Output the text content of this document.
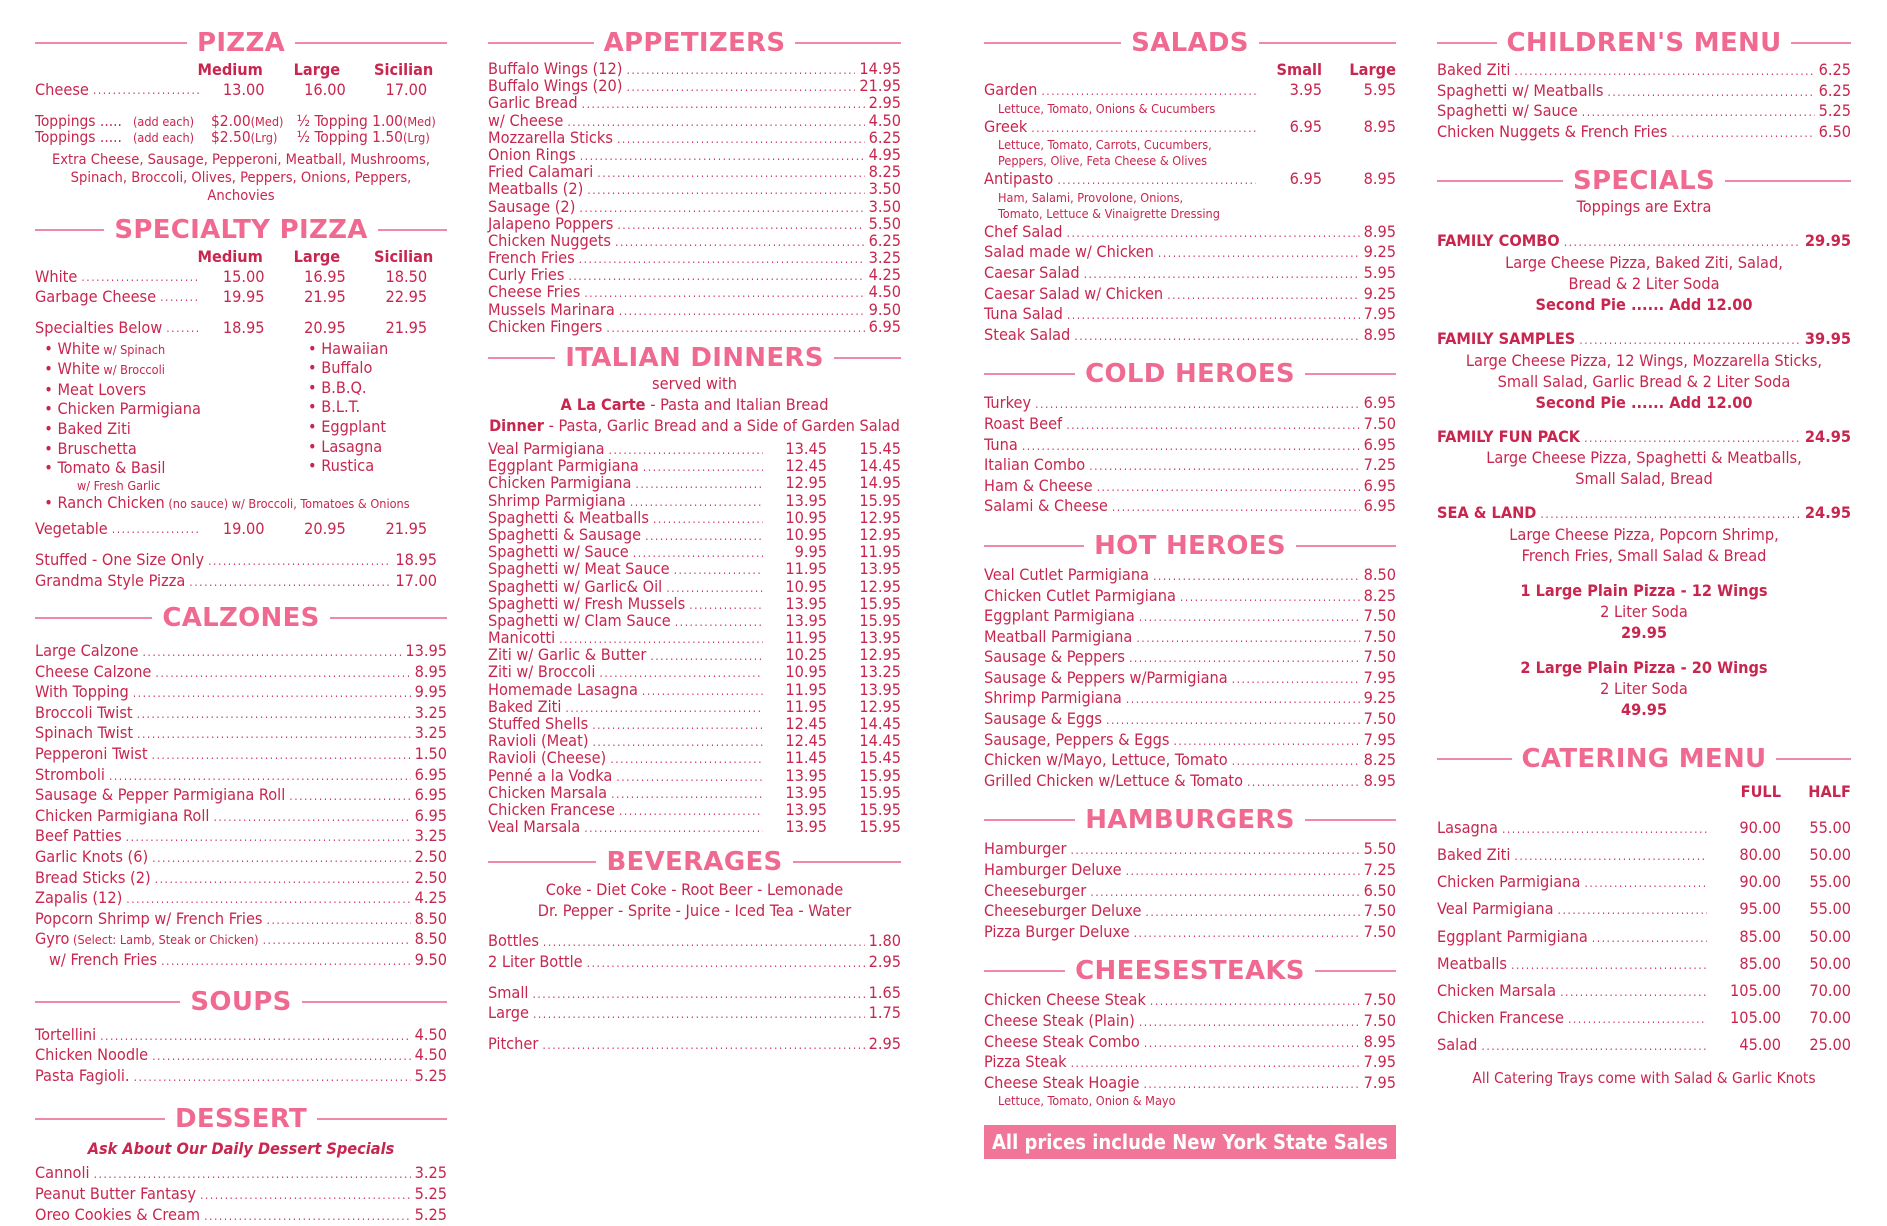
PIZZA
Medium	Large	Sicilian
Cheese .....	13.00	16.00	17.00
Toppings ..... (add each)	$2.00 (Med) ½ Topping 1.00 (Med)
Toppings ..... (add each)	$2.50 (Lrg)	½ Topping 1.50 (Lrg)
Extra Cheese, Sausage, Pepperoni, Meatball, Mushrooms,
Spinach, Broccoli, Olives, Peppers, Onions, Peppers, Anchovies
SPECIALTY PIZZA
Medium	Large	Sicilian
White .....	15.00	16.95	18.50
Garbage Cheese .....	19.95	21.95	22.95
Specialties Below .....	18.95	20.95	21.95
• White w/ Spinach
• White w/ Broccoli
• Meat Lovers
• Chicken Parmigiana
• Baked Ziti
• Bruschetta
• Tomato & Basil
w/ Fresh Garlic
• Hawaiian
• Buffalo
• B.B.Q.
• B.L.T.
• Eggplant
• Lasagna
• Rustica
• Ranch Chicken (no sauce) w/ Broccoli, Tomatoes & Onions
Vegetable .....	19.00	20.95	21.95
Stuffed - One Size Only .....	18.95
Grandma Style Pizza .....	17.00
CALZONES
Large Calzone .....	13.95
Cheese Calzone .....	8.95
With Topping .....	9.95
Broccoli Twist .....	3.25
Spinach Twist .....	3.25
Pepperoni Twist .....	1.50
Stromboli .....	6.95
Sausage & Pepper Parmigiana Roll .....	6.95
Chicken Parmigiana Roll .....	6.95
Beef Patties .....	3.25
Garlic Knots (6) .....	2.50
Bread Sticks (2) .....	2.50
Zapalis (12) .....	4.25
Popcorn Shrimp w/ French Fries .....	8.50
Gyro (Select: Lamb, Steak or Chicken) .....	8.50
w/ French Fries .....	9.50
SOUPS
Tortellini .....	4.50
Chicken Noodle .....	4.50
Pasta Fagioli. .....	5.25
DESSERT
Ask About Our Daily Dessert Specials
Cannoli .....	3.25
Peanut Butter Fantasy .....	5.25
Oreo Cookies & Cream .....	5.25
APPETIZERS
Buffalo Wings (12) .....	14.95
Buffalo Wings (20) .....	21.95
Garlic Bread .....	2.95
w/ Cheese .....	4.50
Mozzarella Sticks .....	6.25
Onion Rings .....	4.95
Fried Calamari .....	8.25
Meatballs (2) .....	3.50
Sausage (2) .....	3.50
Jalapeno Poppers .....	5.50
Chicken Nuggets .....	6.25
French Fries .....	3.25
Curly Fries .....	4.25
Cheese Fries .....	4.50
Mussels Marinara .....	9.50
Chicken Fingers .....	6.95
ITALIAN DINNERS
served with
A La Carte - Pasta and Italian Bread
Dinner - Pasta, Garlic Bread and a Side of Garden Salad
Veal Parmigiana .....	13.45	15.45
Eggplant Parmigiana .....	12.45	14.45
Chicken Parmigiana .....	12.95	14.95
Shrimp Parmigiana .....	13.95	15.95
Spaghetti & Meatballs .....	10.95	12.95
Spaghetti & Sausage .....	10.95	12.95
Spaghetti w/ Sauce .....	9.95	11.95
Spaghetti w/ Meat Sauce .....	11.95	13.95
Spaghetti w/ Garlic& Oil .....	10.95	12.95
Spaghetti w/ Fresh Mussels .....	13.95	15.95
Spaghetti w/ Clam Sauce .....	13.95	15.95
Manicotti .....	11.95	13.95
Ziti w/ Garlic & Butter .....	10.25	12.95
Ziti w/ Broccoli .....	10.95	13.25
Homemade Lasagna .....	11.95	13.95
Baked Ziti .....	11.95	12.95
Stuffed Shells .....	12.45	14.45
Ravioli (Meat) .....	12.45	14.45
Ravioli (Cheese) .....	11.45	15.45
Penné a la Vodka .....	13.95	15.95
Chicken Marsala .....	13.95	15.95
Chicken Francese .....	13.95	15.95
Veal Marsala .....	13.95	15.95
BEVERAGES
Coke - Diet Coke - Root Beer - Lemonade
Dr. Pepper - Sprite - Juice - Iced Tea - Water
Bottles .....	1.80
2 Liter Bottle .....	2.95
Small .....	1.65
Large .....	1.75
Pitcher .....	2.95
SALADS
Small	Large
Garden .....	3.95	5.95
Lettuce, Tomato, Onions & Cucumbers
Greek .....	6.95	8.95
Lettuce, Tomato, Carrots, Cucumbers,
Peppers, Olive, Feta Cheese & Olives
Antipasto .....	6.95	8.95
Ham, Salami, Provolone, Onions,
Tomato, Lettuce & Vinaigrette Dressing
Chef Salad .....	8.95
Salad made w/ Chicken .....	9.25
Caesar Salad .....	5.95
Caesar Salad w/ Chicken .....	9.25
Tuna Salad .....	7.95
Steak Salad .....	8.95
COLD HEROES
Turkey .....	6.95
Roast Beef .....	7.50
Tuna .....	6.95
Italian Combo .....	7.25
Ham & Cheese .....	6.95
Salami & Cheese .....	6.95
HOT HEROES
Veal Cutlet Parmigiana .....	8.50
Chicken Cutlet Parmigiana .....	8.25
Eggplant Parmigiana .....	7.50
Meatball Parmigiana .....	7.50
Sausage & Peppers .....	7.50
Sausage & Peppers w/Parmigiana .....	7.95
Shrimp Parmigiana .....	9.25
Sausage & Eggs .....	7.50
Sausage, Peppers & Eggs .....	7.95
Chicken w/Mayo, Lettuce, Tomato .....	8.25
Grilled Chicken w/Lettuce & Tomato .....	8.95
HAMBURGERS
Hamburger .....	5.50
Hamburger Deluxe .....	7.25
Cheeseburger .....	6.50
Cheeseburger Deluxe .....	7.50
Pizza Burger Deluxe .....	7.50
CHEESESTEAKS
Chicken Cheese Steak .....	7.50
Cheese Steak (Plain) .....	7.50
Cheese Steak Combo .....	8.95
Pizza Steak .....	7.95
Cheese Steak Hoagie .....	7.95
Lettuce, Tomato, Onion & Mayo
All prices include New York State Sales Tax
CHILDREN'S MENU
Baked Ziti .....	6.25
Spaghetti w/ Meatballs .....	6.25
Spaghetti w/ Sauce .....	5.25
Chicken Nuggets & French Fries .....	6.50
SPECIALS
Toppings are Extra
FAMILY COMBO .....	29.95
Large Cheese Pizza, Baked Ziti, Salad,
Bread & 2 Liter Soda
Second Pie ...... Add 12.00
FAMILY SAMPLES .....	39.95
Large Cheese Pizza, 12 Wings, Mozzarella Sticks,
Small Salad, Garlic Bread & 2 Liter Soda
Second Pie ...... Add 12.00
FAMILY FUN PACK .....	24.95
Large Cheese Pizza, Spaghetti & Meatballs,
Small Salad, Bread
SEA & LAND .....	24.95
Large Cheese Pizza, Popcorn Shrimp,
French Fries, Small Salad & Bread
1 Large Plain Pizza - 12 Wings
2 Liter Soda
29.95
2 Large Plain Pizza - 20 Wings
2 Liter Soda
49.95
CATERING MENU
FULL	HALF
Lasagna .....	90.00	55.00
Baked Ziti .....	80.00	50.00
Chicken Parmigiana .....	90.00	55.00
Veal Parmigiana .....	95.00	55.00
Eggplant Parmigiana .....	85.00	50.00
Meatballs .....	85.00	50.00
Chicken Marsala .....	105.00	70.00
Chicken Francese .....	105.00	70.00
Salad .....	45.00	25.00
All Catering Trays come with Salad & Garlic Knots
